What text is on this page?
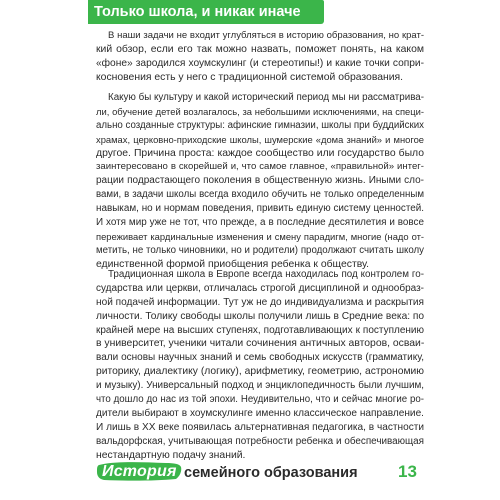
Только школа, и никак иначе
В наши задачи не входит углубляться в историю образования, но крат-
кий обзор, если его так можно назвать, поможет понять, на каком
«фоне» зародился хоумскулинг (и стереотипы!) и какие точки сопри-
косновения есть у него с традиционной системой образования.
Какую бы культуру и какой исторический период мы ни рассматрива-
ли, обучение детей возлагалось, за небольшими исключениями, на специ-
ально созданные структуры: афинские гимназии, школы при буддийских
храмах, церковно-приходские школы, шумерские «дома знаний» и многое
другое. Причина проста: каждое сообщество или государство было
заинтересовано в скорейшей и, что самое главное, «правильной» интег-
рации подрастающего поколения в общественную жизнь. Иными сло-
вами, в задачи школы всегда входило обучить не только определенным
навыкам, но и нормам поведения, привить единую систему ценностей.
И хотя мир уже не тот, что прежде, а в последние десятилетия и вовсе
переживает кардинальные изменения и смену парадигм, многие (надо от-
метить, не только чиновники, но и родители) продолжают считать школу
единственной формой приобщения ребенка к обществу.
Традиционная школа в Европе всегда находилась под контролем го-
сударства или церкви, отличалась строгой дисциплиной и однообраз-
ной подачей информации. Тут уж не до индивидуализма и раскрытия
личности. Толику свободы школы получили лишь в Средние века: по
крайней мере на высших ступенях, подготавливающих к поступлению
в университет, ученики читали сочинения античных авторов, осваи-
вали основы научных знаний и семь свободных искусств (грамматику,
риторику, диалектику (логику), арифметику, геометрию, астрономию
и музыку). Универсальный подход и энциклопедичность были лучшим,
что дошло до нас из той эпохи. Неудивительно, что и сейчас многие ро-
дители выбирают в хоумскулинге именно классическое направление.
И лишь в XX веке появилась альтернативная педагогика, в частности
вальдорфская, учитывающая потребности ребенка и обеспечивающая
нестандартную подачу знаний.
История семейного образования 13
